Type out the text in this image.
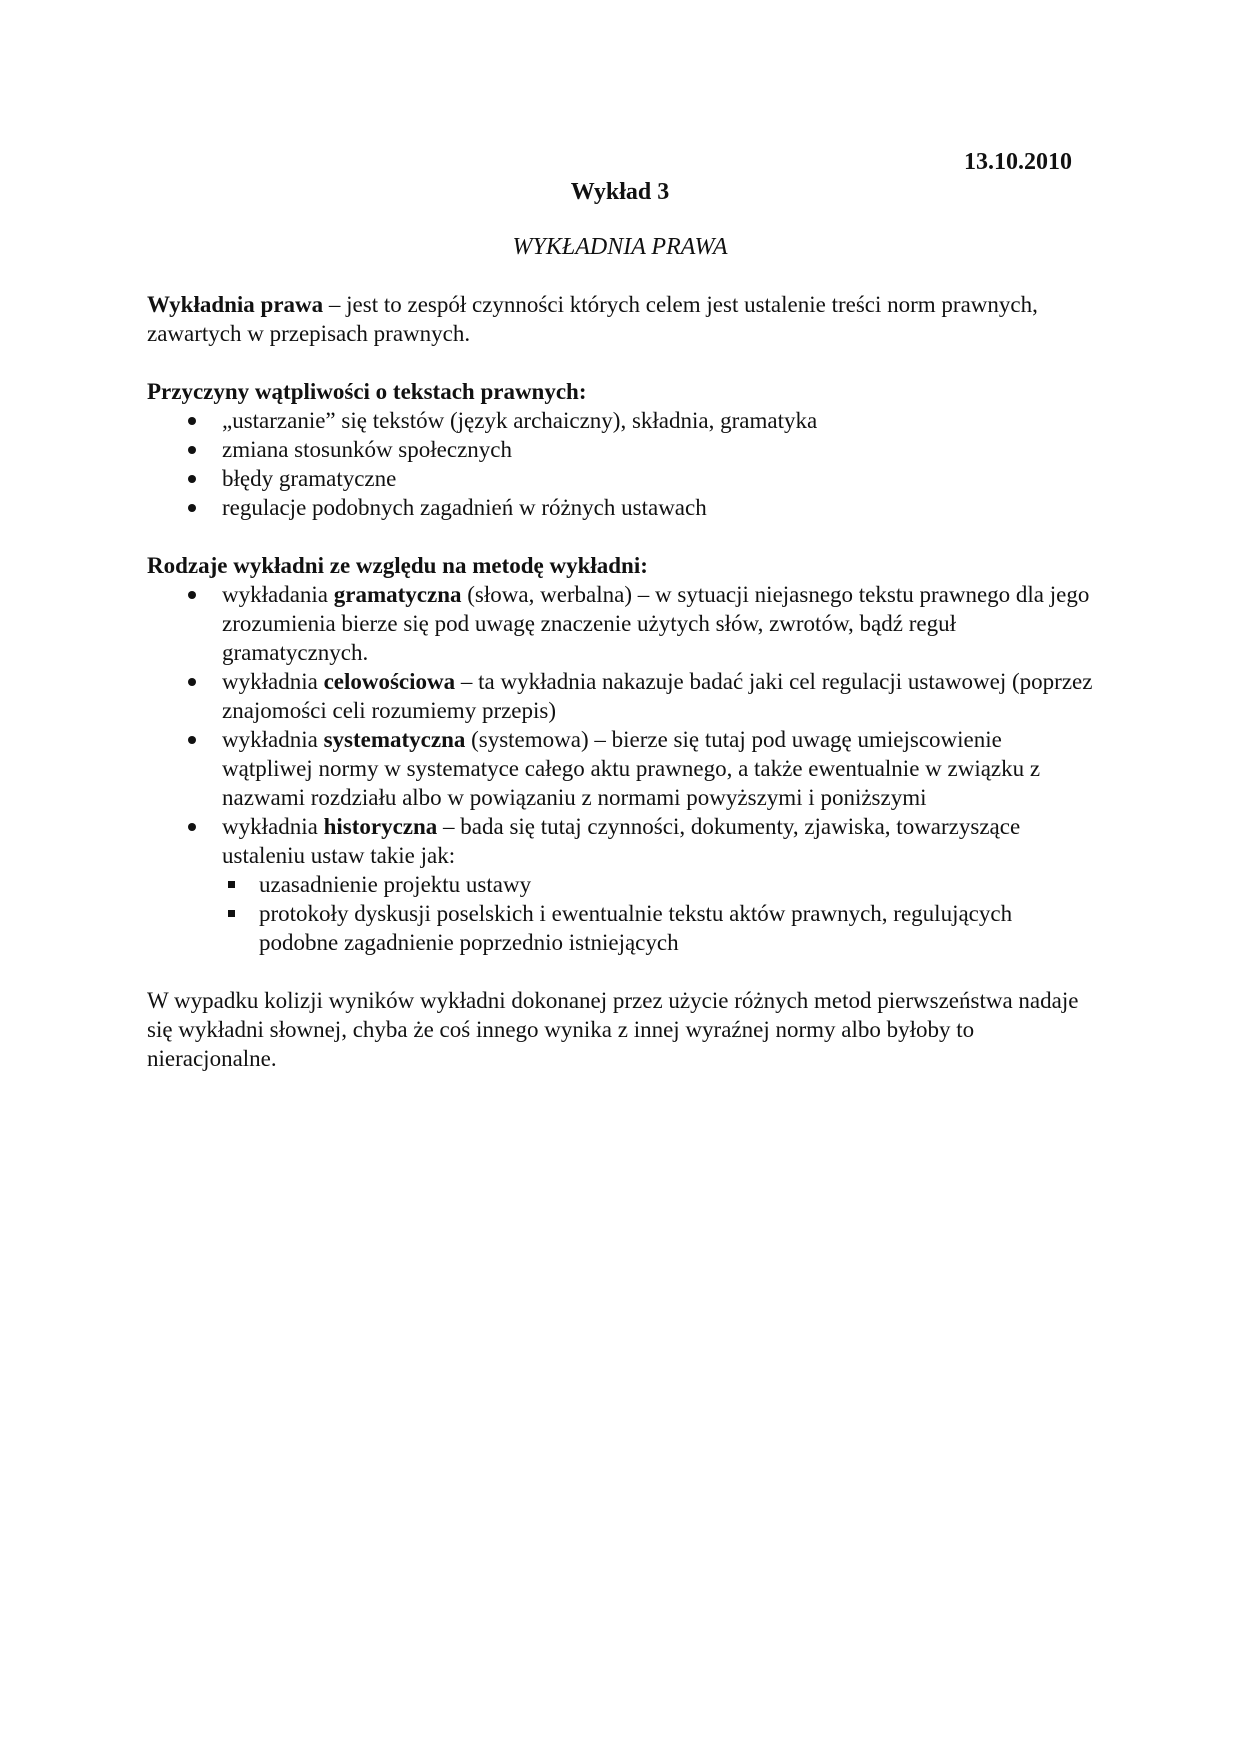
13.10.2010
Wykład 3
WYKŁADNIA PRAWA

Wykładnia prawa – jest to zespół czynności których celem jest ustalenie treści norm prawnych, zawartych w przepisach prawnych.

Przyczyny wątpliwości o tekstach prawnych:

„ustarzanie” się tekstów (język archaiczny), składnia, gramatyka
zmiana stosunków społecznych
błędy gramatyczne
regulacje podobnych zagadnień w różnych ustawach

Rodzaje wykładni ze względu na metodę wykładni:

wykładania gramatyczna (słowa, werbalna) – w sytuacji niejasnego tekstu prawnego dla jego zrozumienia bierze się pod uwagę znaczenie użytych słów, zwrotów, bądź reguł gramatycznych.
wykładnia celowościowa – ta wykładnia nakazuje badać jaki cel regulacji ustawowej (poprzez znajomości celi rozumiemy przepis)
wykładnia systematyczna (systemowa) – bierze się tutaj pod uwagę umiejscowienie wątpliwej normy w systematyce całego aktu prawnego, a także ewentualnie w związku z nazwami rozdziału albo w powiązaniu z normami powyższymi i poniższymi
wykładnia historyczna – bada się tutaj czynności, dokumenty, zjawiska, towarzyszące ustaleniu ustaw takie jak:
uzasadnienie projektu ustawy
protokoły dyskusji poselskich i ewentualnie tekstu aktów prawnych, regulujących podobne zagadnienie poprzednio istniejących

W wypadku kolizji wyników wykładni dokonanej przez użycie różnych metod pierwszeństwa nadaje się wykładni słownej, chyba że coś innego wynika z innej wyraźnej normy albo byłoby to nieracjonalne.
